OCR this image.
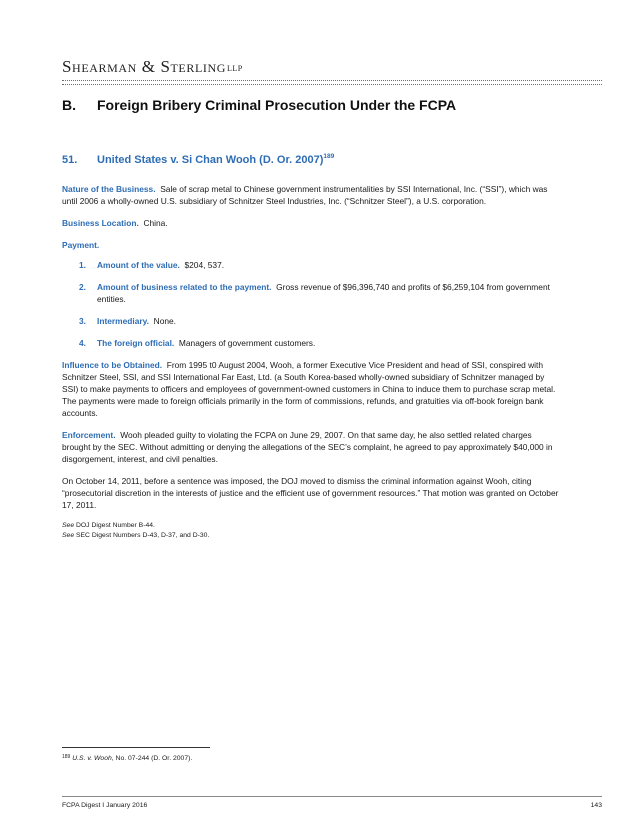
Shearman & SterlingLLP
B. Foreign Bribery Criminal Prosecution Under the FCPA
51. United States v. Si Chan Wooh (D. Or. 2007)$^{189}$

Nature of the Business. Sale of scrap metal to Chinese government instrumentalities by SSI International, Inc. (“SSI”), which was until 2006 a wholly-owned U.S. subsidiary of Schnitzer Steel Industries, Inc. (“Schnitzer Steel”), a U.S. corporation.

Business Location. China.

Payment.
1. Amount of the value. $204, 537.
2. Amount of business related to the payment. Gross revenue of $96,396,740 and profits of $6,259,104 from government entities.
3. Intermediary. None.
4. The foreign official. Managers of government customers.

Influence to be Obtained. From 1995 t0 August 2004, Wooh, a former Executive Vice President and head of SSI, conspired with Schnitzer Steel, SSI, and SSI International Far East, Ltd. (a South Korea-based wholly-owned subsidiary of Schnitzer managed by SSI) to make payments to officers and employees of government-owned customers in China to induce them to purchase scrap metal. The payments were made to foreign officials primarily in the form of commissions, refunds, and gratuities via off-book foreign bank accounts.

Enforcement. Wooh pleaded guilty to violating the FCPA on June 29, 2007. On that same day, he also settled related charges brought by the SEC. Without admitting or denying the allegations of the SEC’s complaint, he agreed to pay approximately $40,000 in disgorgement, interest, and civil penalties.

On October 14, 2011, before a sentence was imposed, the DOJ moved to dismiss the criminal information against Wooh, citing “prosecutorial discretion in the interests of justice and the efficient use of government resources.” That motion was granted on October 17, 2011.

See DOJ Digest Number B-44.
See SEC Digest Numbers D-43, D-37, and D-30.
$^{189}$ U.S. v. Wooh, No. 07-244 (D. Or. 2007).
FCPA Digest I January 2016	143
